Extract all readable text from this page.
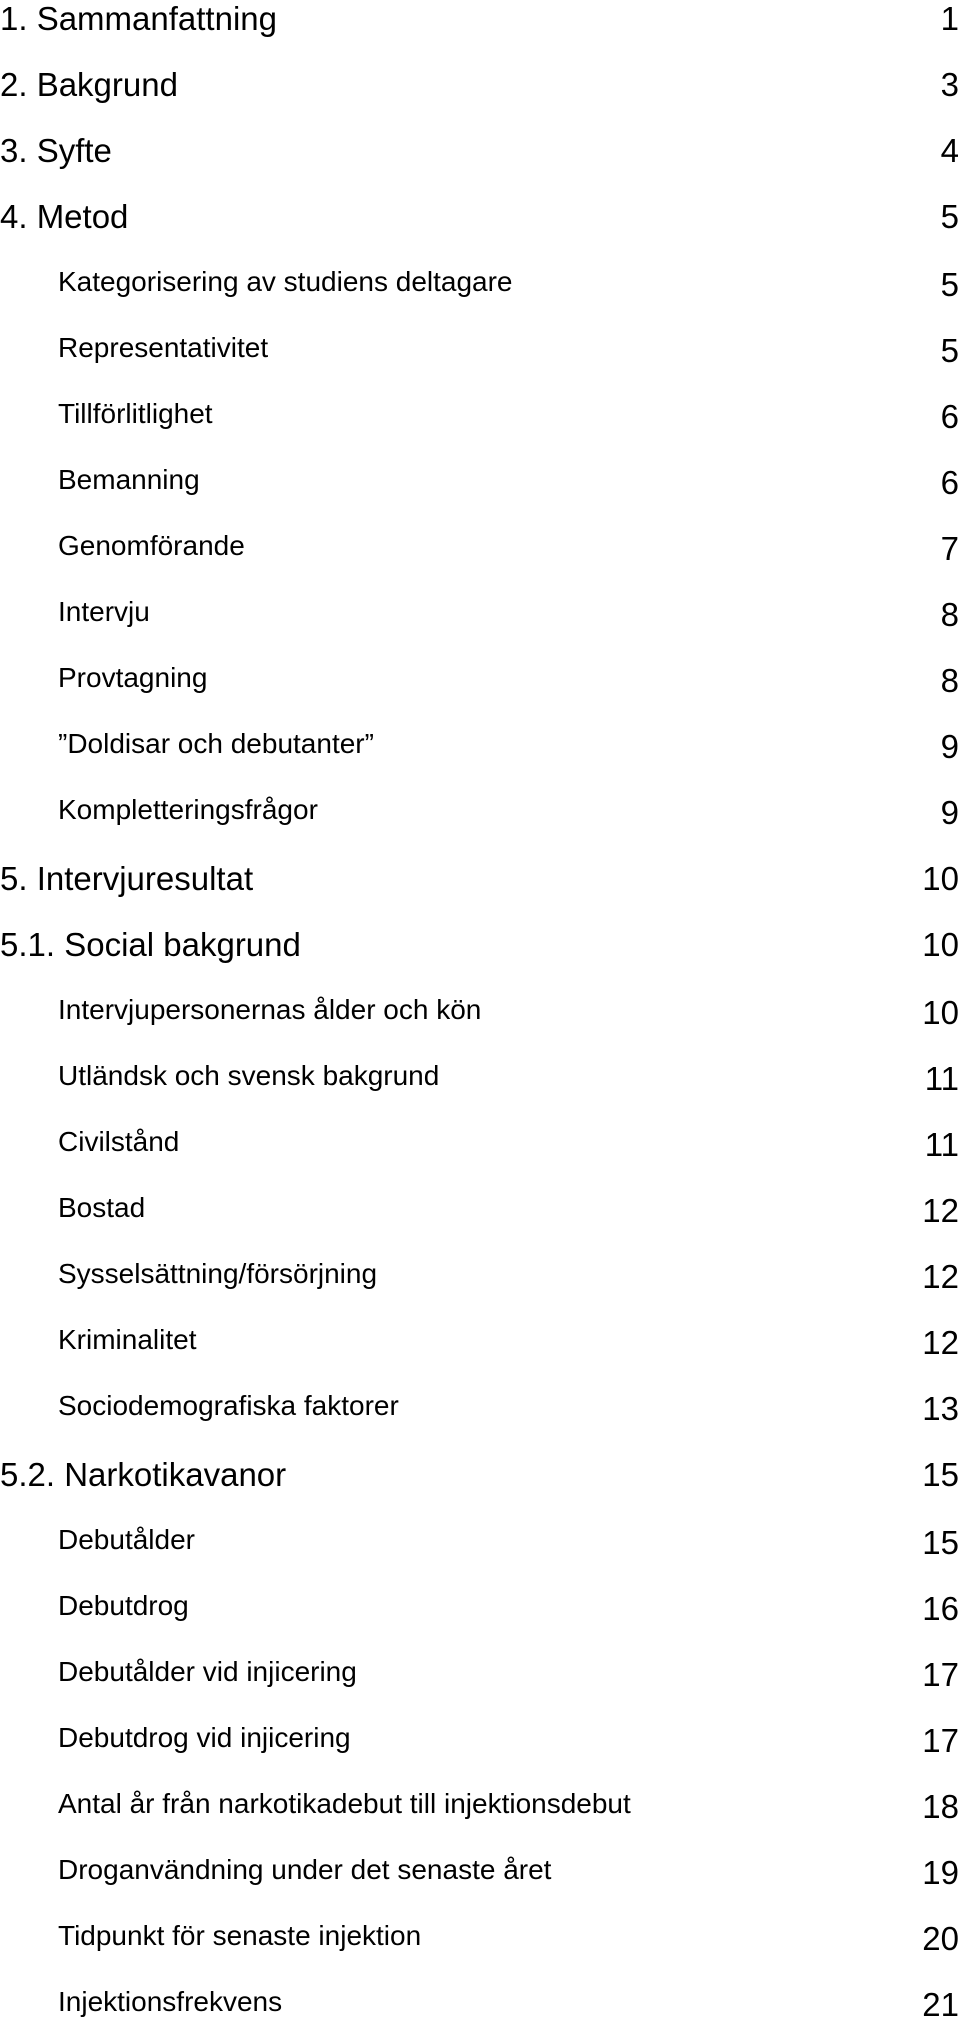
1. Sammanfattning	1
2. Bakgrund	3
3. Syfte	4
4. Metod	5
Kategorisering av studiens deltagare	5
Representativitet	5
Tillförlitlighet	6
Bemanning	6
Genomförande	7
Intervju	8
Provtagning	8
”Doldisar och debutanter”	9
Kompletteringsfrågor	9
5. Intervjuresultat	10
5.1. Social bakgrund	10
Intervjupersonernas ålder och kön	10
Utländsk och svensk bakgrund	11
Civilstånd	11
Bostad	12
Sysselsättning/försörjning	12
Kriminalitet	12
Sociodemografiska faktorer	13
5.2. Narkotikavanor	15
Debutålder	15
Debutdrog	16
Debutålder vid injicering	17
Debutdrog vid injicering	17
Antal år från narkotikadebut till injektionsdebut	18
Droganvändning under det senaste året	19
Tidpunkt för senaste injektion	20
Injektionsfrekvens	21
